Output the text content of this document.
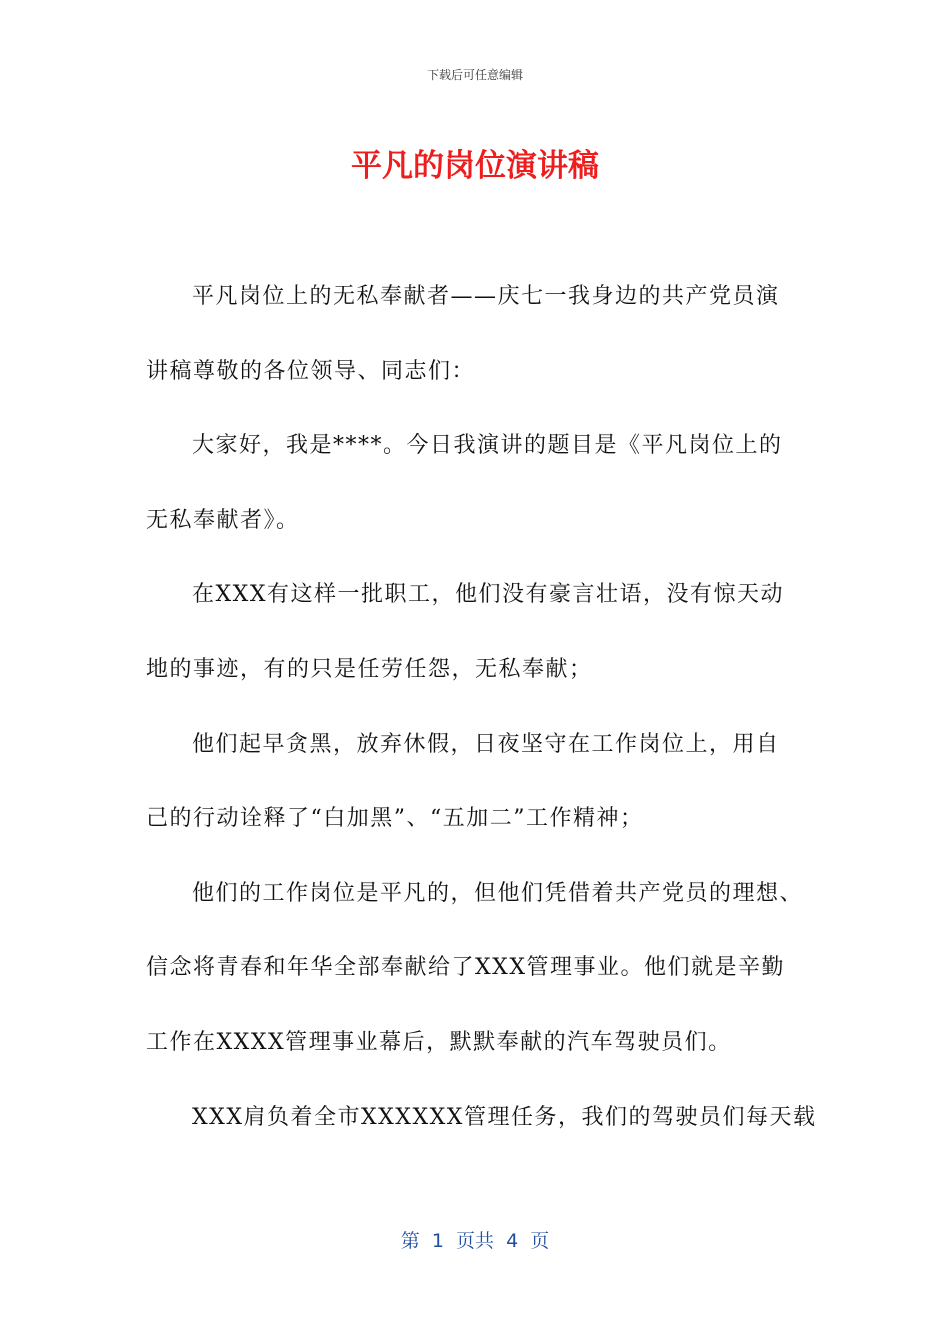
下载后可任意编辑
平凡的岗位演讲稿
平凡岗位上的无私奉献者——庆七一我身边的共产党员演
讲稿尊敬的各位领导、同志们：
大家好，我是****。今日我演讲的题目是《平凡岗位上的
无私奉献者》。
在XXX有这样一批职工，他们没有豪言壮语，没有惊天动
地的事迹，有的只是任劳任怨，无私奉献；
他们起早贪黑，放弃休假，日夜坚守在工作岗位上，用自
己的行动诠释了“白加黑”、“五加二”工作精神；
他们的工作岗位是平凡的，但他们凭借着共产党员的理想、
信念将青春和年华全部奉献给了XXX管理事业。他们就是辛勤
工作在XXXX管理事业幕后，默默奉献的汽车驾驶员们。
XXX肩负着全市XXXXXX管理任务，我们的驾驶员们每天载
第  1  页共  4  页
